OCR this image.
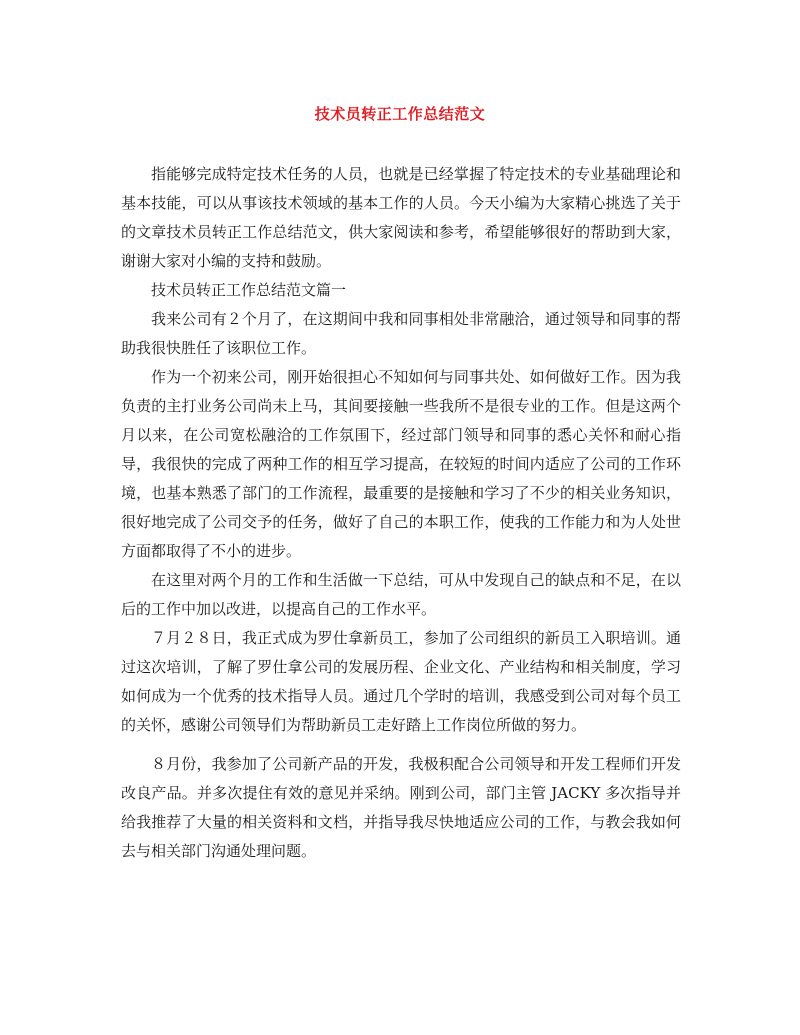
技术员转正工作总结范文

指能够完成特定技术任务的人员，也就是已经掌握了特定技术的专业基础理论和基本技能，可以从事该技术领域的基本工作的人员。今天小编为大家精心挑选了关于的文章技术员转正工作总结范文，供大家阅读和参考，希望能够很好的帮助到大家，谢谢大家对小编的支持和鼓励。

技术员转正工作总结范文篇一

我来公司有２个月了，在这期间中我和同事相处非常融洽，通过领导和同事的帮助我很快胜任了该职位工作。

作为一个初来公司，刚开始很担心不知如何与同事共处、如何做好工作。因为我负责的主打业务公司尚未上马，其间要接触一些我所不是很专业的工作。但是这两个月以来，在公司宽松融洽的工作氛围下，经过部门领导和同事的悉心关怀和耐心指导，我很快的完成了两种工作的相互学习提高，在较短的时间内适应了公司的工作环境，也基本熟悉了部门的工作流程，最重要的是接触和学习了不少的相关业务知识，很好地完成了公司交予的任务，做好了自己的本职工作，使我的工作能力和为人处世方面都取得了不小的进步。

在这里对两个月的工作和生活做一下总结，可从中发现自己的缺点和不足，在以后的工作中加以改进，以提高自己的工作水平。

７月２８日，我正式成为罗仕拿新员工，参加了公司组织的新员工入职培训。通过这次培训，了解了罗仕拿公司的发展历程、企业文化、产业结构和相关制度，学习如何成为一个优秀的技术指导人员。通过几个学时的培训，我感受到公司对每个员工的关怀，感谢公司领导们为帮助新员工走好踏上工作岗位所做的努力。

８月份，我参加了公司新产品的开发，我极积配合公司领导和开发工程师们开发改良产品。并多次提住有效的意见并采纳。刚到公司，部门主管 JACKY 多次指导并给我推荐了大量的相关资料和文档，并指导我尽快地适应公司的工作，与教会我如何去与相关部门沟通处理问题。
